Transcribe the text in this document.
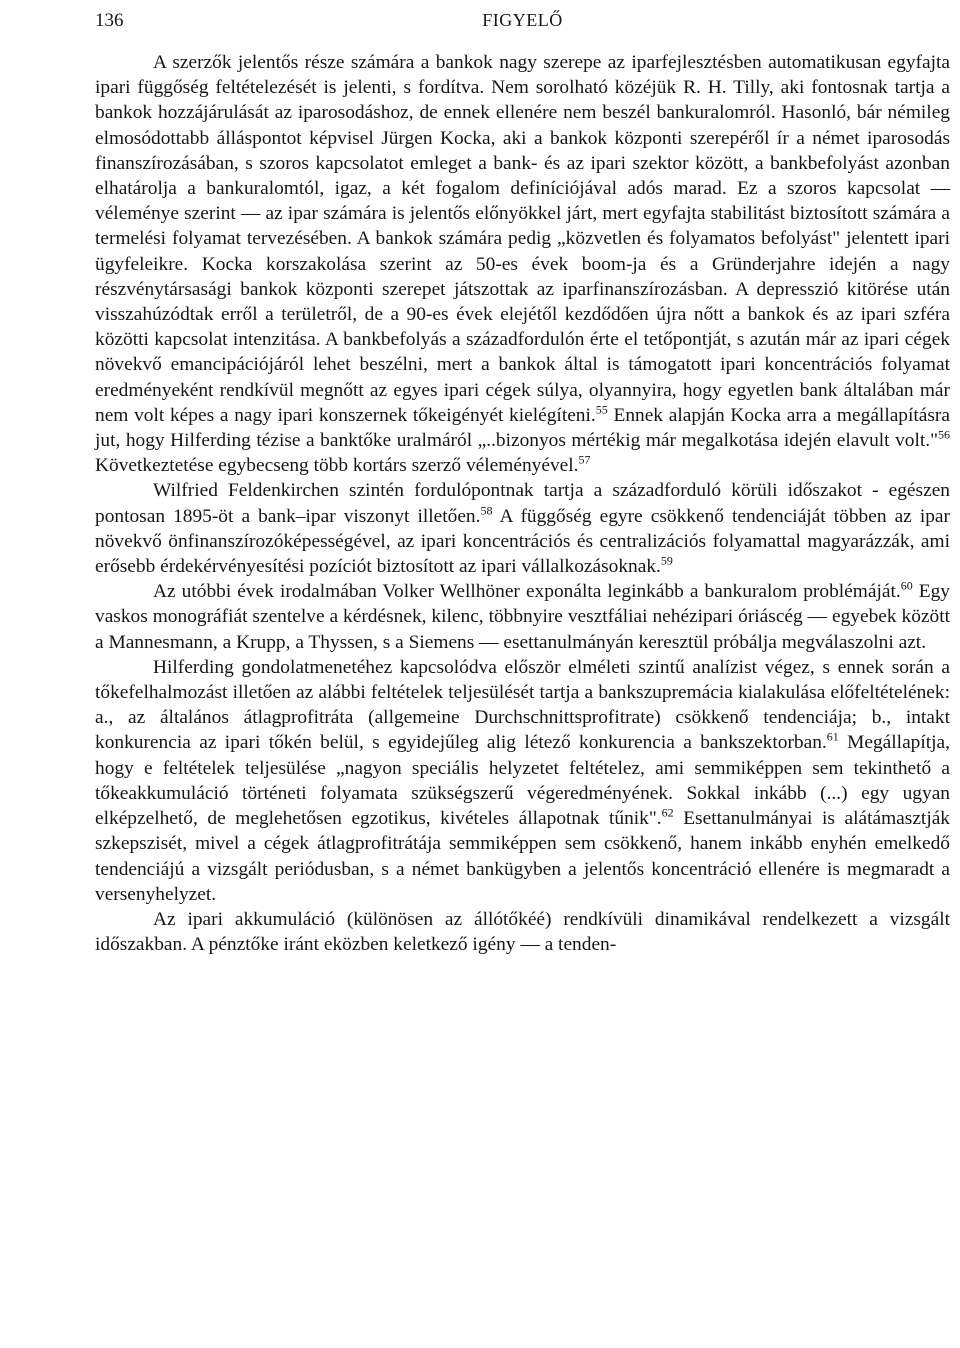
136	FIGYELŐ

A szerzők jelentős része számára a bankok nagy szerepe az iparfejlesztésben automatikusan egyfajta ipari függőség feltételezését is jelenti, s fordítva. Nem sorolható közéjük R. H. Tilly, aki fontosnak tartja a bankok hozzájárulását az iparosodáshoz, de ennek ellenére nem beszél bankuralomról. Hasonló, bár némileg elmosódottabb álláspontot képvisel Jürgen Kocka, aki a bankok központi szerepéről ír a német iparosodás finanszírozásában, s szoros kapcsolatot emleget a bank- és az ipari szektor között, a bankbefolyást azonban elhatárolja a bankuralomtól, igaz, a két fogalom definíciójával adós marad. Ez a szoros kapcsolat — véleménye szerint — az ipar számára is jelentős előnyökkel járt, mert egyfajta stabilitást biztosított számára a termelési folyamat tervezésében. A bankok számára pedig „közvetlen és folyamatos befolyást" jelentett ipari ügyfeleikre. Kocka korszakolása szerint az 50-es évek boom-ja és a Gründerjahre idején a nagy részvénytársasági bankok központi szerepet játszottak az iparfinanszírozásban. A depresszió kitörése után visszahúzódtak erről a területről, de a 90-es évek elejétől kezdődően újra nőtt a bankok és az ipari szféra közötti kapcsolat intenzitása. A bankbefolyás a századfordulón érte el tetőpontját, s azután már az ipari cégek növekvő emancipációjáról lehet beszélni, mert a bankok által is támogatott ipari koncentrációs folyamat eredményeként rendkívül megnőtt az egyes ipari cégek súlya, olyannyira, hogy egyetlen bank általában már nem volt képes a nagy ipari konszernek tőkeigényét kielégíteni.$^{55}$ Ennek alapján Kocka arra a megállapításra jut, hogy Hilferding tézise a banktőke uralmáról „..bizonyos mértékig már megalkotása idején elavult volt."$^{56}$ Következtetése egybecseng több kortárs szerző véleményével.$^{57}$

Wilfried Feldenkirchen szintén fordulópontnak tartja a századforduló körüli időszakot - egészen pontosan 1895-öt a bank–ipar viszonyt illetően.$^{58}$ A függőség egyre csökkenő tendenciáját többen az ipar növekvő önfinanszírozóképességével, az ipari koncentrációs és centralizációs folyamattal magyarázzák, ami erősebb érdekérvényesítési pozíciót biztosított az ipari vállalkozásoknak.$^{59}$

Az utóbbi évek irodalmában Volker Wellhöner exponálta leginkább a bankuralom problémáját.$^{60}$ Egy vaskos monográfiát szentelve a kérdésnek, kilenc, többnyire vesztfáliai nehézipari óriáscég — egyebek között a Mannesmann, a Krupp, a Thyssen, s a Siemens — esettanulmányán keresztül próbálja megválaszolni azt.

Hilferding gondolatmenetéhez kapcsolódva először elméleti szintű analízist végez, s ennek során a tőkefelhalmozást illetően az alábbi feltételek teljesülését tartja a bankszupremácia kialakulása előfeltételének: a., az általános átlagprofitráta (allgemeine Durchschnittsprofitrate) csökkenő tendenciája; b., intakt konkurencia az ipari tőkén belül, s egyidejűleg alig létező konkurencia a bankszektorban.$^{61}$ Megállapítja, hogy e feltételek teljesülése „nagyon speciális helyzetet feltételez, ami semmiképpen sem tekinthető a tőkeakkumuláció történeti folyamata szükségszerű végeredményének. Sokkal inkább (...) egy ugyan elképzelhető, de meglehetősen egzotikus, kivételes állapotnak tűnik".$^{62}$ Esettanulmányai is alátámasztják szkepszisét, mivel a cégek átlagprofitrátája semmiképpen sem csökkenő, hanem inkább enyhén emelkedő tendenciájú a vizsgált periódusban, s a német bankügyben a jelentős koncentráció ellenére is megmaradt a versenyhelyzet.

Az ipari akkumuláció (különösen az állótőkéé) rendkívüli dinamikával rendelkezett a vizsgált időszakban. A pénztőke iránt eközben keletkező igény — a tenden-
